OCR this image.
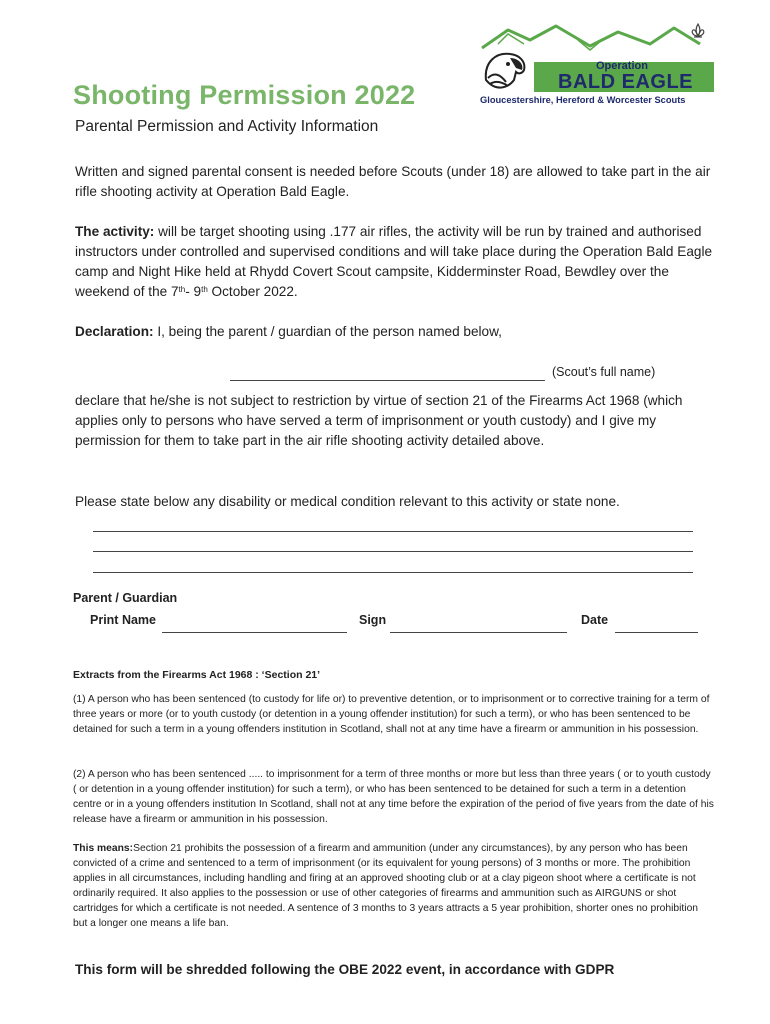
Operation
BALD EAGLE
Gloucestershire, Hereford & Worcester Scouts
Shooting Permission 2022
Parental Permission and Activity Information
Written and signed parental consent is needed before Scouts (under 18) are allowed to take part in the air rifle shooting activity at Operation Bald Eagle.
The activity: will be target shooting using .177 air rifles, the activity will be run by trained and authorised instructors under controlled and supervised conditions and will take place during the Operation Bald Eagle camp and Night Hike held at Rhydd Covert Scout campsite, Kidderminster Road, Bewdley over the weekend of the 7th- 9th October 2022.
Declaration: I, being the parent / guardian of the person named below,
(Scout’s full name)
declare that he/she is not subject to restriction by virtue of section 21 of the Firearms Act 1968 (which applies only to persons who have served a term of imprisonment or youth custody) and I give my permission for them to take part in the air rifle shooting activity detailed above.
Please state below any disability or medical condition relevant to this activity or state none.
Parent / Guardian
Print Name	Sign	Date
Extracts from the Firearms Act 1968 : ‘Section 21’
(1) A person who has been sentenced (to custody for life or) to preventive detention, or to imprisonment or to corrective training for a term of three years or more (or to youth custody (or detention in a young offender institution) for such a term), or who has been sentenced to be detained for such a term in a young offenders institution in Scotland, shall not at any time have a firearm or ammunition in his possession.
(2) A person who has been sentenced ..... to imprisonment for a term of three months or more but less than three years ( or to youth custody ( or detention in a young offender institution) for such a term), or who has been sentenced to be detained for such a term in a detention centre or in a young offenders institution In Scotland, shall not at any time before the expiration of the period of five years from the date of his release have a firearm or ammunition in his possession.
This means:Section 21 prohibits the possession of a firearm and ammunition (under any circumstances), by any person who has been convicted of a crime and sentenced to a term of imprisonment (or its equivalent for young persons) of 3 months or more. The prohibition applies in all circumstances, including handling and firing at an approved shooting club or at a clay pigeon shoot where a certificate is not ordinarily required. It also applies to the possession or use of other categories of firearms and ammunition such as AIRGUNS or shot cartridges for which a certificate is not needed. A sentence of 3 months to 3 years attracts a 5 year prohibition, shorter ones no prohibition but a longer one means a life ban.
This form will be shredded following the OBE 2022 event, in accordance with GDPR
